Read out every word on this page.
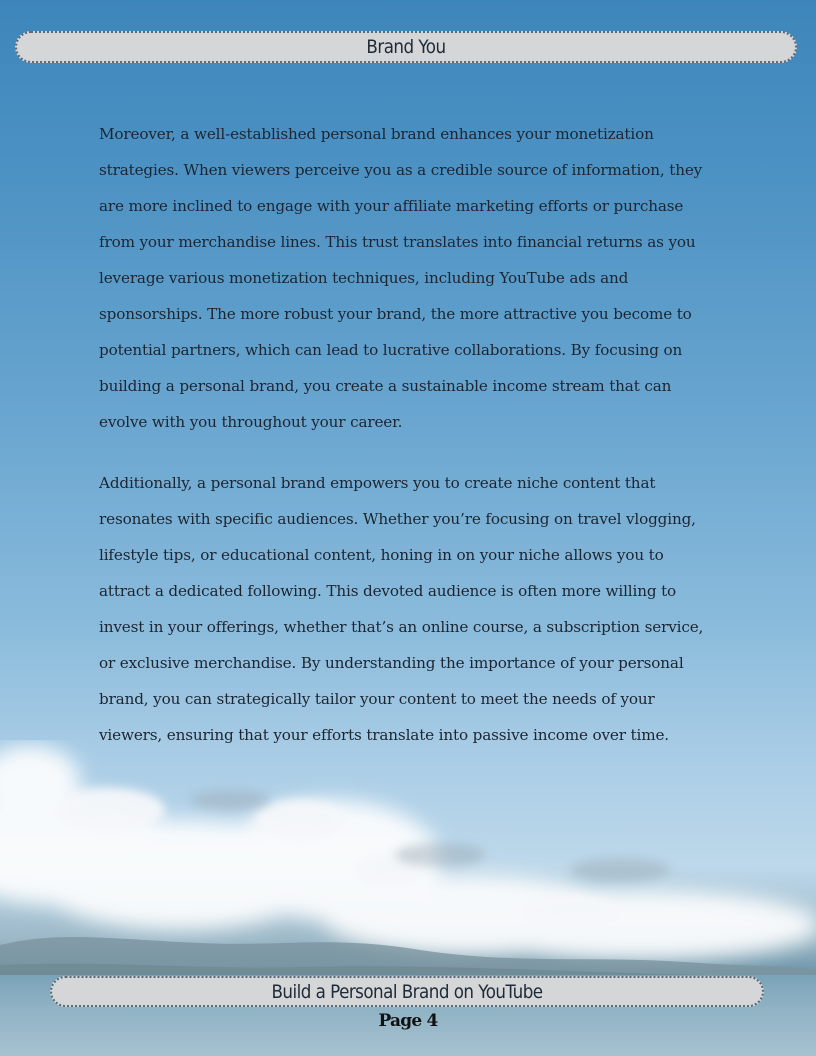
Brand You

Moreover, a well-established personal brand enhances your monetization strategies. When viewers perceive you as a credible source of information, they are more inclined to engage with your affiliate marketing efforts or purchase from your merchandise lines. This trust translates into financial returns as you leverage various monetization techniques, including YouTube ads and sponsorships. The more robust your brand, the more attractive you become to potential partners, which can lead to lucrative collaborations. By focusing on building a personal brand, you create a sustainable income stream that can evolve with you throughout your career.

Additionally, a personal brand empowers you to create niche content that resonates with specific audiences. Whether you’re focusing on travel vlogging, lifestyle tips, or educational content, honing in on your niche allows you to attract a dedicated following. This devoted audience is often more willing to invest in your offerings, whether that’s an online course, a subscription service, or exclusive merchandise. By understanding the importance of your personal brand, you can strategically tailor your content to meet the needs of your viewers, ensuring that your efforts translate into passive income over time.

Build a Personal Brand on YouTube
Page 4
